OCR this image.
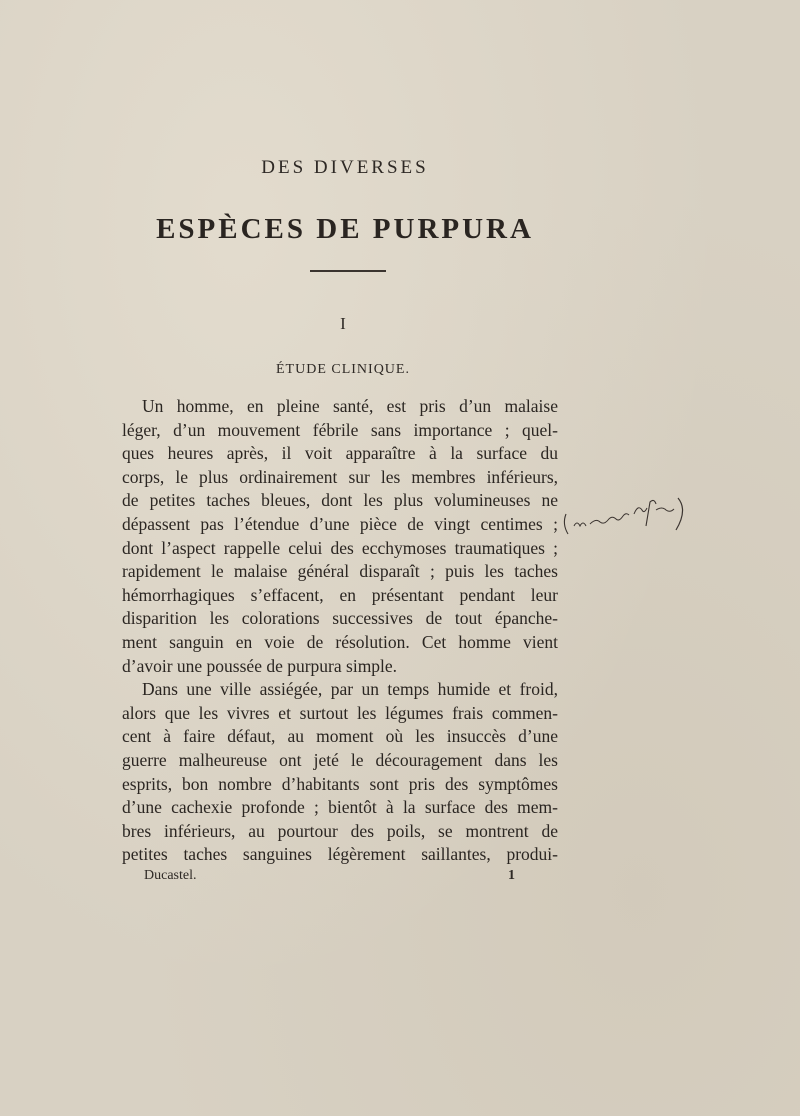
DES DIVERSES
ESPÈCES DE PURPURA
I
ÉTUDE CLINIQUE.
Un homme, en pleine santé, est pris d’un malaise
léger, d’un mouvement fébrile sans importance ; quel-
ques heures après, il voit apparaître à la surface du
corps, le plus ordinairement sur les membres inférieurs,
de petites taches bleues, dont les plus volumineuses ne
dépassent pas l’étendue d’une pièce de vingt centimes ;
dont l’aspect rappelle celui des ecchymoses traumatiques ;
rapidement le malaise général disparaît ; puis les taches
hémorrhagiques s’effacent, en présentant pendant leur
disparition les colorations successives de tout épanche-
ment sanguin en voie de résolution. Cet homme vient
d’avoir une poussée de purpura simple.
Dans une ville assiégée, par un temps humide et froid,
alors que les vivres et surtout les légumes frais commen-
cent à faire défaut, au moment où les insuccès d’une
guerre malheureuse ont jeté le découragement dans les
esprits, bon nombre d’habitants sont pris des symptômes
d’une cachexie profonde ; bientôt à la surface des mem-
bres inférieurs, au pourtour des poils, se montrent de
petites taches sanguines légèrement saillantes, produi-
Ducastel.	1
